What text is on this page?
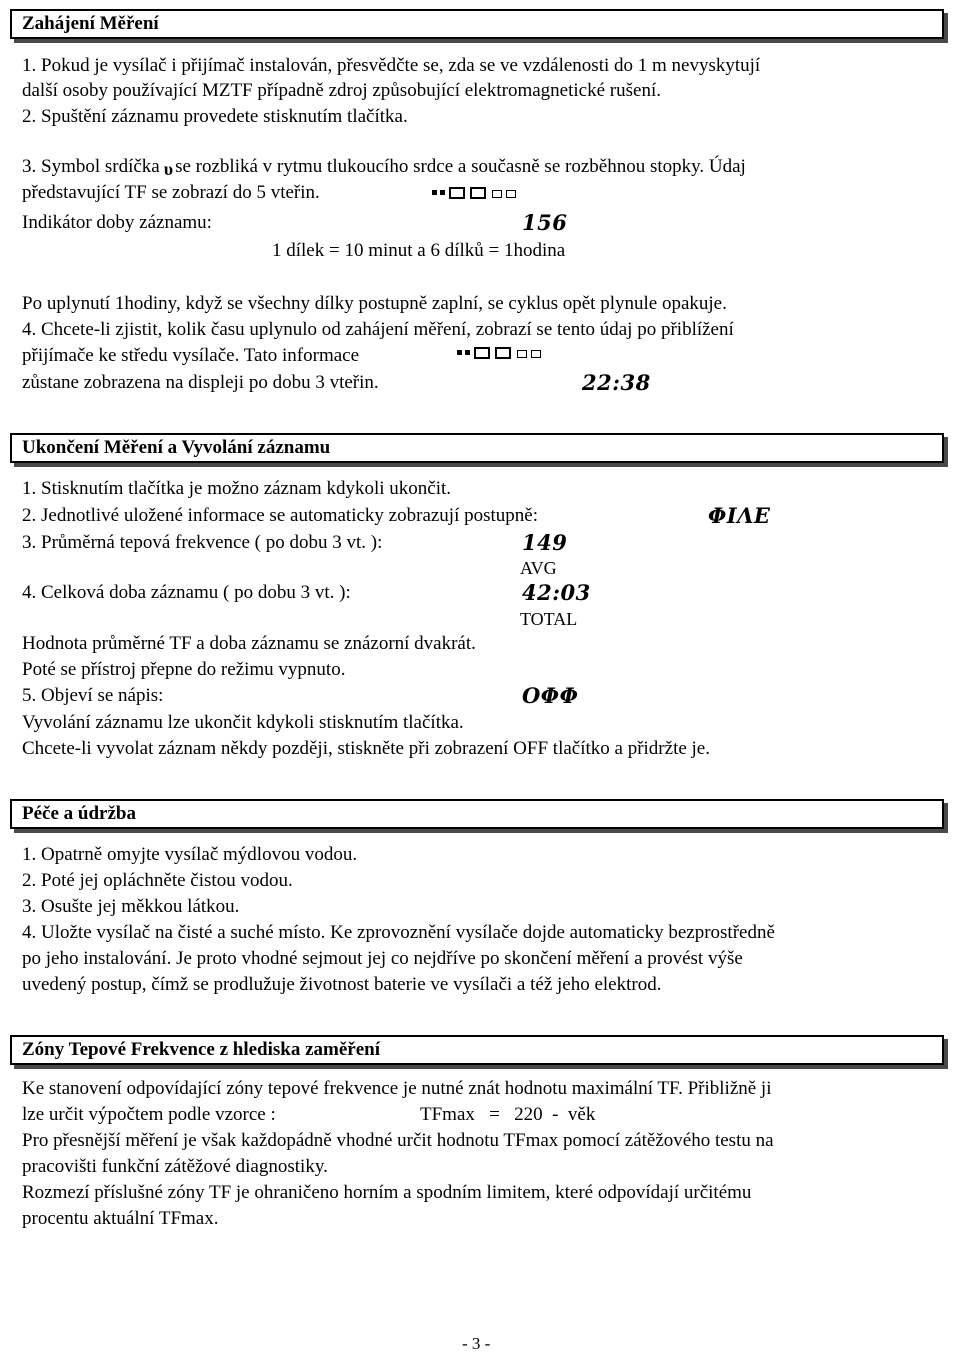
Zahájení Měření
1. Pokud je vysílač i přijímač instalován, přesvědčte se, zda se ve vzdálenosti do 1 m nevyskytují
další osoby používající MZTF případně zdroj způsobující elektromagnetické rušení.
2. Spuštění záznamu provedete stisknutím tlačítka.
3. Symbol srdíčka υ se rozbliká v rytmu tlukoucího srdce a současně se rozběhnou stopky. Údaj
představující TF se zobrazí do 5 vteřin.
Indikátor doby záznamu:	156
1 dílek = 10 minut a 6 dílků = 1hodina
Po uplynutí 1hodiny, když se všechny dílky postupně zaplní, se cyklus opět plynule opakuje.
4. Chcete-li zjistit, kolik času uplynulo od zahájení měření, zobrazí se tento údaj po přiblížení
přijímače ke středu vysílače. Tato informace
zůstane zobrazena na displeji po dobu 3 vteřin.	22:38
Ukončení Měření a Vyvolání záznamu
1. Stisknutím tlačítka je možno záznam kdykoli ukončit.
2. Jednotlivé uložené informace se automaticky zobrazují postupně:	ΦΙΛΕ
3. Průměrná tepová frekvence ( po dobu 3 vt. ):	149
AVG
4. Celková doba záznamu ( po dobu 3 vt. ):	42:03
TOTAL
Hodnota průměrné TF a doba záznamu se znázorní dvakrát.
Poté se přístroj přepne do režimu vypnuto.
5. Objeví se nápis:	ΟΦΦ
Vyvolání záznamu lze ukončit kdykoli stisknutím tlačítka.
Chcete-li vyvolat záznam někdy později, stiskněte při zobrazení OFF tlačítko a přidržte je.
Péče a údržba
1. Opatrně omyjte vysílač mýdlovou vodou.
2. Poté jej opláchněte čistou vodou.
3. Osušte jej měkkou látkou.
4. Uložte vysílač na čisté a suché místo. Ke zprovoznění vysílače dojde automaticky bezprostředně
po jeho instalování. Je proto vhodné sejmout jej co nejdříve po skončení měření a provést výše
uvedený postup, čímž se prodlužuje životnost baterie ve vysílači a též jeho elektrod.
Zóny Tepové Frekvence z hlediska zaměření
Ke stanovení odpovídající zóny tepové frekvence je nutné znát hodnotu maximální TF. Přibližně ji
lze určit výpočtem podle vzorce :	TFmax   =   220  -  věk
Pro přesnější měření je však každopádně vhodné určit hodnotu TFmax pomocí zátěžového testu na
pracovišti funkční zátěžové diagnostiky.
Rozmezí příslušné zóny TF je ohraničeno horním a spodním limitem, které odpovídají určitému
procentu aktuální TFmax.
- 3 -
